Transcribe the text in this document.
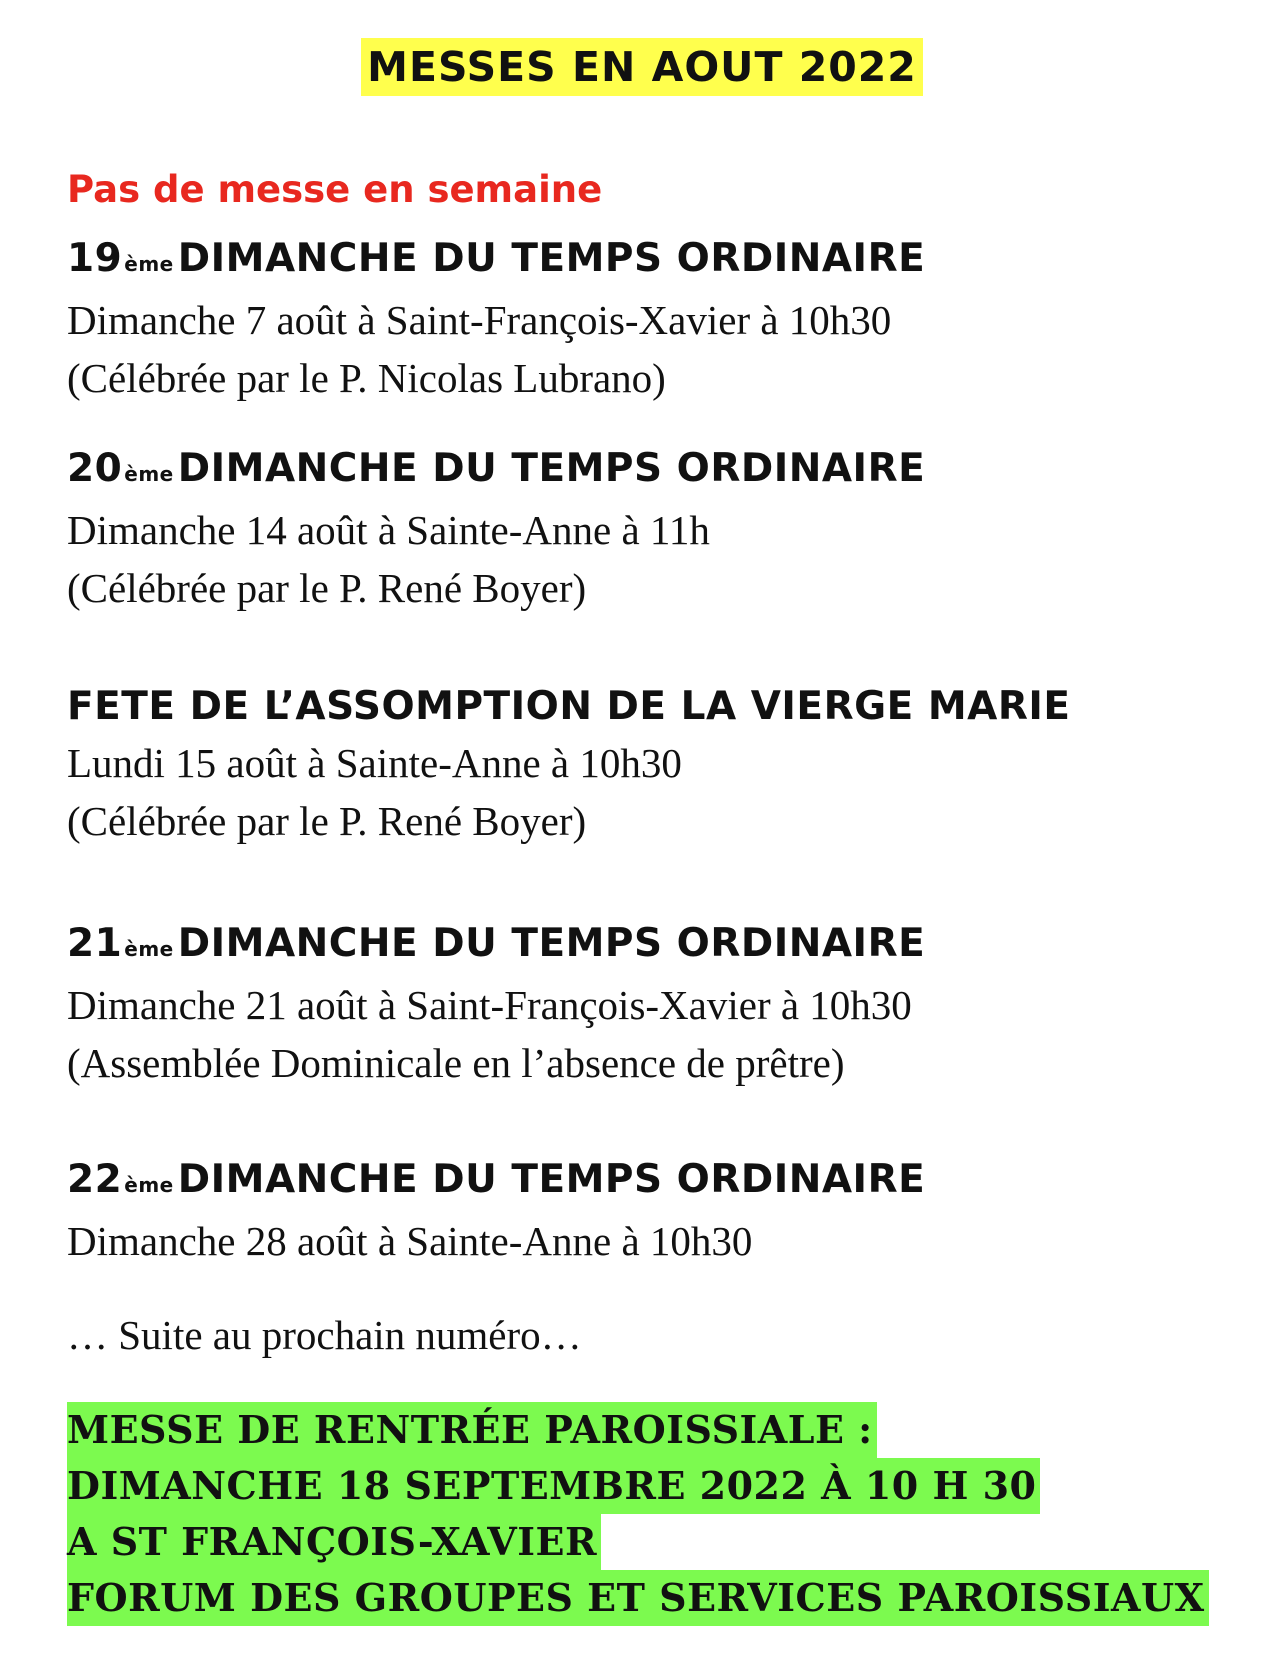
MESSES EN AOUT 2022
Pas de messe en semaine
19 ème DIMANCHE DU TEMPS ORDINAIRE
Dimanche 7 août à Saint-François-Xavier à 10h30
(Célébrée par le P. Nicolas Lubrano)
20 ème DIMANCHE DU TEMPS ORDINAIRE
Dimanche 14 août à Sainte-Anne à 11h
(Célébrée par le P. René Boyer)
FETE DE L’ASSOMPTION DE LA VIERGE MARIE
Lundi 15 août à Sainte-Anne à 10h30
(Célébrée par le P. René Boyer)
21 ème DIMANCHE DU TEMPS ORDINAIRE
Dimanche 21 août à Saint-François-Xavier à 10h30
(Assemblée Dominicale en l’absence de prêtre)
22 ème DIMANCHE DU TEMPS ORDINAIRE
Dimanche 28 août à Sainte-Anne à 10h30
… Suite au prochain numéro…
MESSE DE RENTRÉE PAROISSIALE :
DIMANCHE 18 SEPTEMBRE 2022 À 10 H 30
A ST FRANÇOIS-XAVIER
FORUM DES GROUPES ET SERVICES PAROISSIAUX
